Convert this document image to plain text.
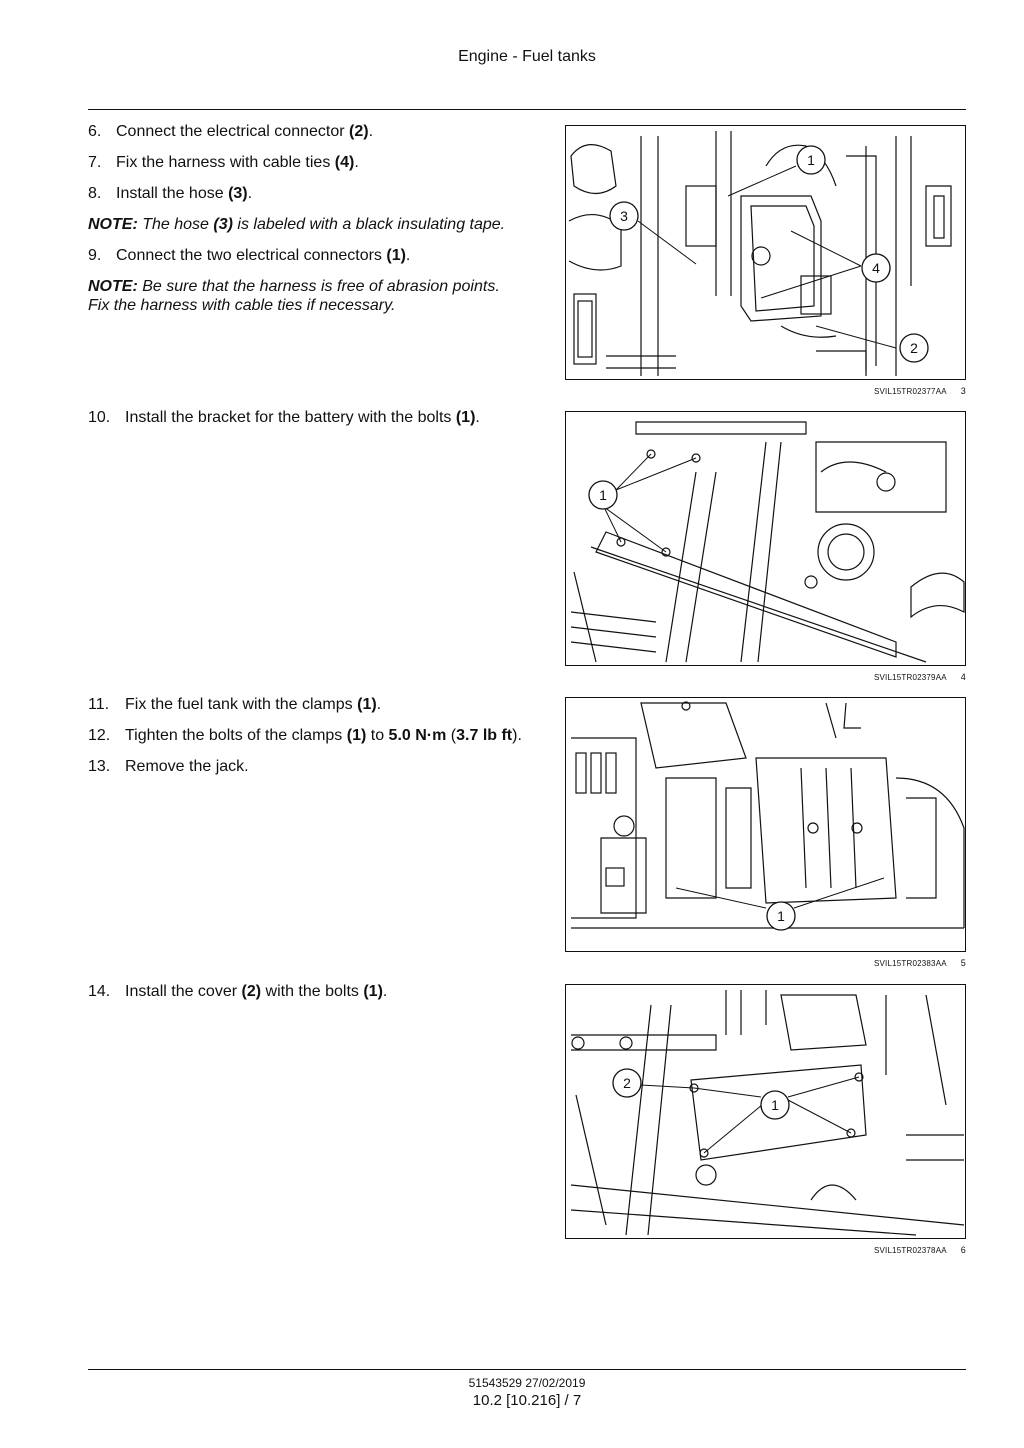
Engine - Fuel tanks
6. Connect the electrical connector (2).
7. Fix the harness with cable ties (4).
8. Install the hose (3).
NOTE: The hose (3) is labeled with a black insulating tape.
9. Connect the two electrical connectors (1).
NOTE: Be sure that the harness is free of abrasion points.
Fix the harness with cable ties if necessary.
10. Install the bracket for the battery with the bolts (1).
11. Fix the fuel tank with the clamps (1).
12. Tighten the bolts of the clamps (1) to 5.0 N·m (3.7 lb ft).
13. Remove the jack.
14. Install the cover (2) with the bolts (1).
1
3
4
2
SVIL15TR02377AA 3
1
SVIL15TR02379AA 4
1
SVIL15TR02383AA 5
2
1
SVIL15TR02378AA 6
51543529 27/02/2019
10.2 [10.216] / 7
